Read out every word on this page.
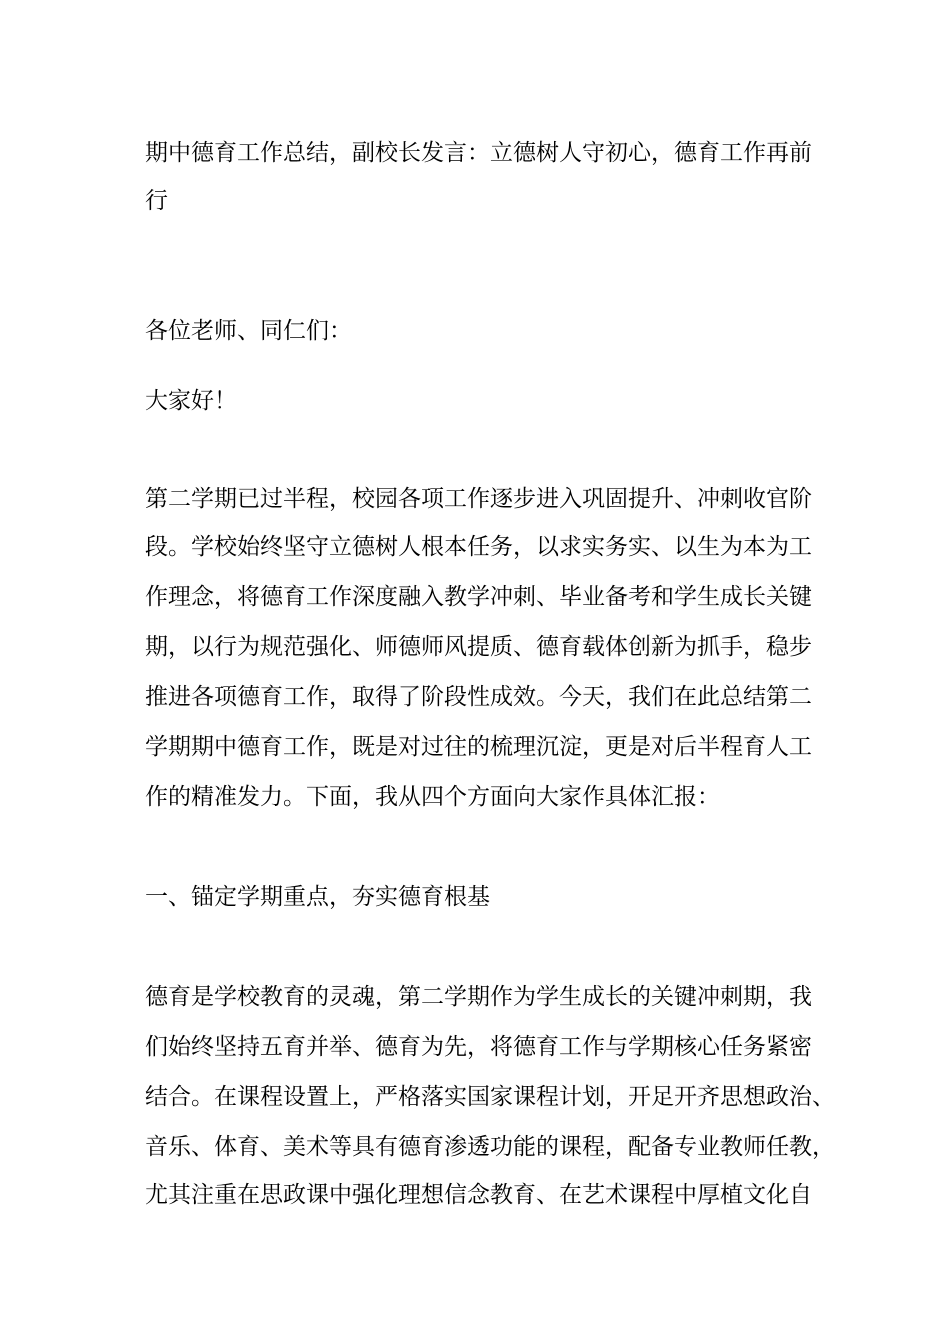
期中德育工作总结，副校长发言：立德树人守初心，德育工作再前
行
各位老师、同仁们：
大家好！
第二学期已过半程，校园各项工作逐步进入巩固提升、冲刺收官阶
段。学校始终坚守立德树人根本任务，以求实务实、以生为本为工
作理念，将德育工作深度融入教学冲刺、毕业备考和学生成长关键
期，以行为规范强化、师德师风提质、德育载体创新为抓手，稳步
推进各项德育工作，取得了阶段性成效。今天，我们在此总结第二
学期期中德育工作，既是对过往的梳理沉淀，更是对后半程育人工
作的精准发力。下面，我从四个方面向大家作具体汇报：
一、锚定学期重点，夯实德育根基
德育是学校教育的灵魂，第二学期作为学生成长的关键冲刺期，我
们始终坚持五育并举、德育为先，将德育工作与学期核心任务紧密
结合。在课程设置上，严格落实国家课程计划，开足开齐思想政治、
音乐、体育、美术等具有德育渗透功能的课程，配备专业教师任教，
尤其注重在思政课中强化理想信念教育、在艺术课程中厚植文化自
